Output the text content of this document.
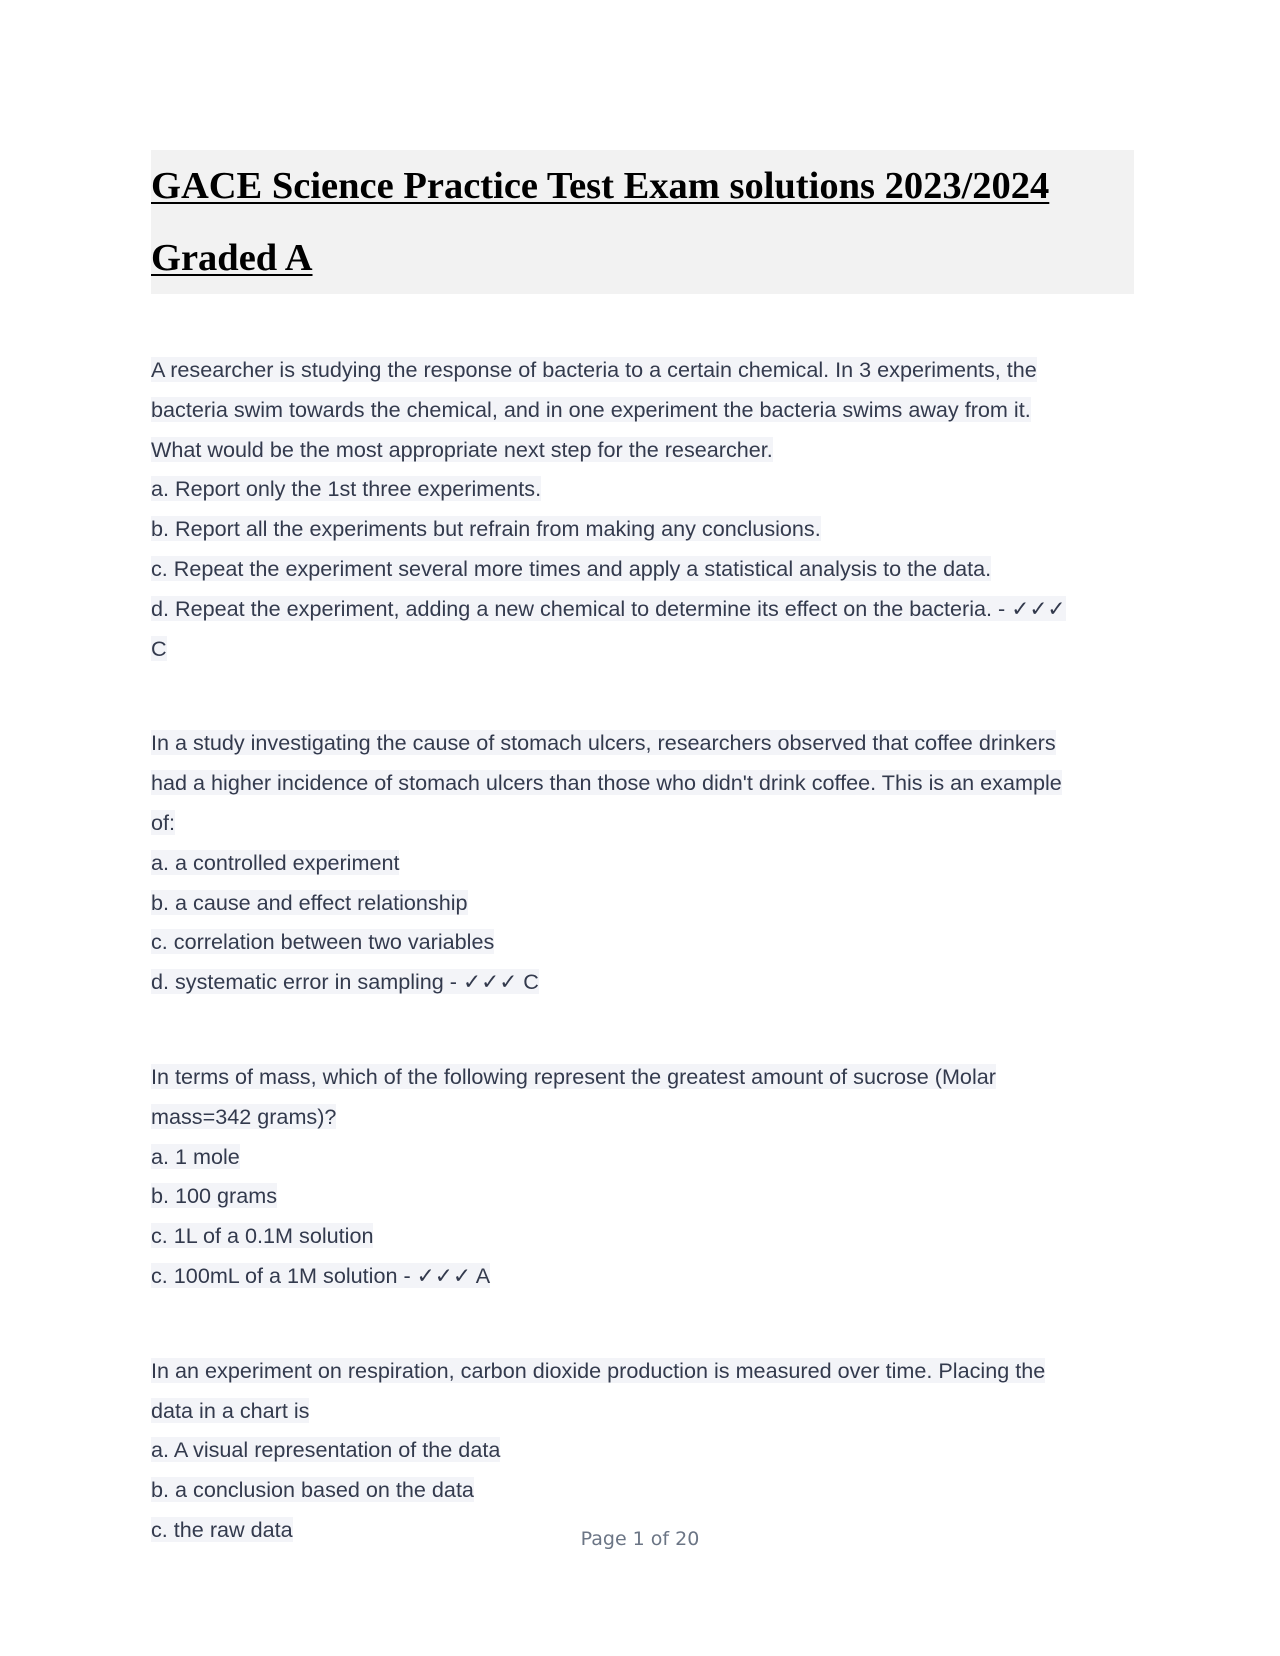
GACE Science Practice Test Exam solutions 2023/2024
Graded A
A researcher is studying the response of bacteria to a certain chemical. In 3 experiments, the
bacteria swim towards the chemical, and in one experiment the bacteria swims away from it.
What would be the most appropriate next step for the researcher.
a. Report only the 1st three experiments.
b. Report all the experiments but refrain from making any conclusions.
c. Repeat the experiment several more times and apply a statistical analysis to the data.
d. Repeat the experiment, adding a new chemical to determine its effect on the bacteria. - ✓✓✓
C
In a study investigating the cause of stomach ulcers, researchers observed that coffee drinkers
had a higher incidence of stomach ulcers than those who didn't drink coffee. This is an example
of:
a. a controlled experiment
b. a cause and effect relationship
c. correlation between two variables
d. systematic error in sampling - ✓✓✓ C
In terms of mass, which of the following represent the greatest amount of sucrose (Molar
mass=342 grams)?
a. 1 mole
b. 100 grams
c. 1L of a 0.1M solution
c. 100mL of a 1M solution - ✓✓✓ A
In an experiment on respiration, carbon dioxide production is measured over time. Placing the
data in a chart is
a. A visual representation of the data
b. a conclusion based on the data
c. the raw data	Page 1 of 20
